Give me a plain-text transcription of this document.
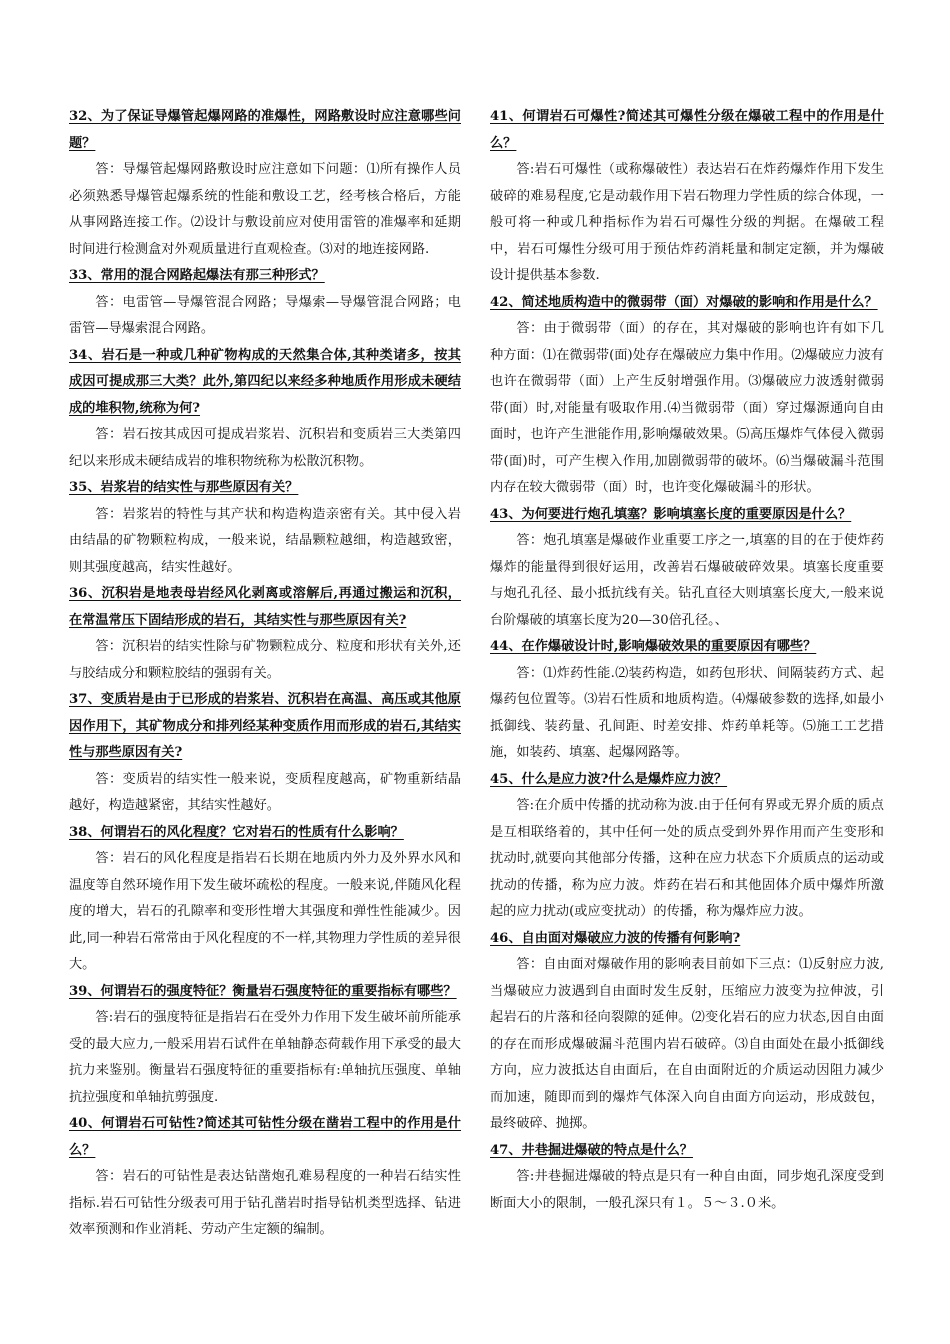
32、为了保证导爆管起爆网路的准爆性，网路敷设时应注意哪些问题？

答：导爆管起爆网路敷设时应注意如下问题：⑴所有操作人员必须熟悉导爆管起爆系统的性能和敷设工艺，经考核合格后，方能从事网路连接工作。⑵设计与敷设前应对使用雷管的准爆率和延期时间进行检测盒对外观质量进行直观检查。⑶对的地连接网路.

33、常用的混合网路起爆法有那三种形式？

答：电雷管—导爆管混合网路；导爆索—导爆管混合网路；电雷管—导爆索混合网路。

34、岩石是一种或几种矿物构成的天然集合体,其种类诸多，按其成因可提成那三大类？此外,第四纪以来经多种地质作用形成未硬结成的堆积物,统称为何?

答：岩石按其成因可提成岩浆岩、沉积岩和变质岩三大类第四纪以来形成未硬结成岩的堆积物统称为松散沉积物。

35、岩浆岩的结实性与那些原因有关？

答：岩浆岩的特性与其产状和构造构造亲密有关。其中侵入岩由结晶的矿物颗粒构成，一般来说，结晶颗粒越细，构造越致密，则其强度越高，结实性越好。

36、沉积岩是地表母岩经风化剥离或溶解后,再通过搬运和沉积，在常温常压下固结形成的岩石，其结实性与那些原因有关?

答：沉积岩的结实性除与矿物颗粒成分、粒度和形状有关外,还与胶结成分和颗粒胶结的强弱有关。

37、变质岩是由于已形成的岩浆岩、沉积岩在高温、高压或其他原因作用下，其矿物成分和排列经某种变质作用而形成的岩石,其结实性与那些原因有关?

答：变质岩的结实性一般来说，变质程度越高，矿物重新结晶越好，构造越紧密，其结实性越好。

38、何谓岩石的风化程度？它对岩石的性质有什么影响？

答：岩石的风化程度是指岩石长期在地质内外力及外界水风和温度等自然环境作用下发生破坏疏松的程度。一般来说,伴随风化程度的增大，岩石的孔隙率和变形性增大其强度和弹性性能减少。因此,同一种岩石常常由于风化程度的不一样,其物理力学性质的差异很大。

39、何谓岩石的强度特征？衡量岩石强度特征的重要指标有哪些？

答:岩石的强度特征是指岩石在受外力作用下发生破坏前所能承受的最大应力,一般采用岩石试件在单轴静态荷载作用下承受的最大抗力来鉴别。衡量岩石强度特征的重要指标有:单轴抗压强度、单轴抗拉强度和单轴抗剪强度.

40、何谓岩石可钻性?简述其可钻性分级在凿岩工程中的作用是什么？

答：岩石的可钻性是表达钻凿炮孔难易程度的一种岩石结实性指标.岩石可钻性分级表可用于钻孔凿岩时指导钻机类型选择、钻进效率预测和作业消耗、劳动产生定额的编制。

41、何谓岩石可爆性?简述其可爆性分级在爆破工程中的作用是什么？

答:岩石可爆性（或称爆破性）表达岩石在炸药爆炸作用下发生破碎的难易程度,它是动载作用下岩石物理力学性质的综合体现，一般可将一种或几种指标作为岩石可爆性分级的判据。在爆破工程中，岩石可爆性分级可用于预估炸药消耗量和制定定额，并为爆破设计提供基本参数.

42、简述地质构造中的微弱带（面）对爆破的影响和作用是什么？

答：由于微弱带（面）的存在，其对爆破的影响也许有如下几种方面：⑴在微弱带(面)处存在爆破应力集中作用。⑵爆破应力波有也许在微弱带（面）上产生反射增强作用。⑶爆破应力波透射微弱带(面）时,对能量有吸取作用.⑷当微弱带（面）穿过爆源通向自由面时，也许产生泄能作用,影响爆破效果。⑸高压爆炸气体侵入微弱带(面)时，可产生楔入作用,加剧微弱带的破坏。⑹当爆破漏斗范围内存在较大微弱带（面）时，也许变化爆破漏斗的形状。

43、为何要进行炮孔填塞？影响填塞长度的重要原因是什么？

答：炮孔填塞是爆破作业重要工序之一,填塞的目的在于使炸药爆炸的能量得到很好运用，改善岩石爆破破碎效果。填塞长度重要与炮孔孔径、最小抵抗线有关。钻孔直径大则填塞长度大,一般来说台阶爆破的填塞长度为20—30倍孔径。、

44、在作爆破设计时,影响爆破效果的重要原因有哪些？

答：⑴炸药性能.⑵装药构造，如药包形状、间隔装药方式、起爆药包位置等。⑶岩石性质和地质构造。⑷爆破参数的选择,如最小抵御线、装药量、孔间距、时差安排、炸药单耗等。⑸施工工艺措施，如装药、填塞、起爆网路等。

45、什么是应力波?什么是爆炸应力波？

答:在介质中传播的扰动称为波.由于任何有界或无界介质的质点是互相联络着的，其中任何一处的质点受到外界作用而产生变形和扰动时,就要向其他部分传播，这种在应力状态下介质质点的运动或扰动的传播，称为应力波。炸药在岩石和其他固体介质中爆炸所激起的应力扰动(或应变扰动）的传播，称为爆炸应力波。

46、自由面对爆破应力波的传播有何影响?

答：自由面对爆破作用的影响表目前如下三点：⑴反射应力波,当爆破应力波遇到自由面时发生反射，压缩应力波变为拉伸波，引起岩石的片落和径向裂隙的延伸。⑵变化岩石的应力状态,因自由面的存在而形成爆破漏斗范围内岩石破碎。⑶自由面处在最小抵御线方向，应力波抵达自由面后，在自由面附近的介质运动因阻力减少而加速，随即而到的爆炸气体深入向自由面方向运动，形成鼓包，最终破碎、抛掷。

47、井巷掘进爆破的特点是什么？

答:井巷掘进爆破的特点是只有一种自由面，同步炮孔深度受到断面大小的限制，一般孔深只有１。５～３.０米。
